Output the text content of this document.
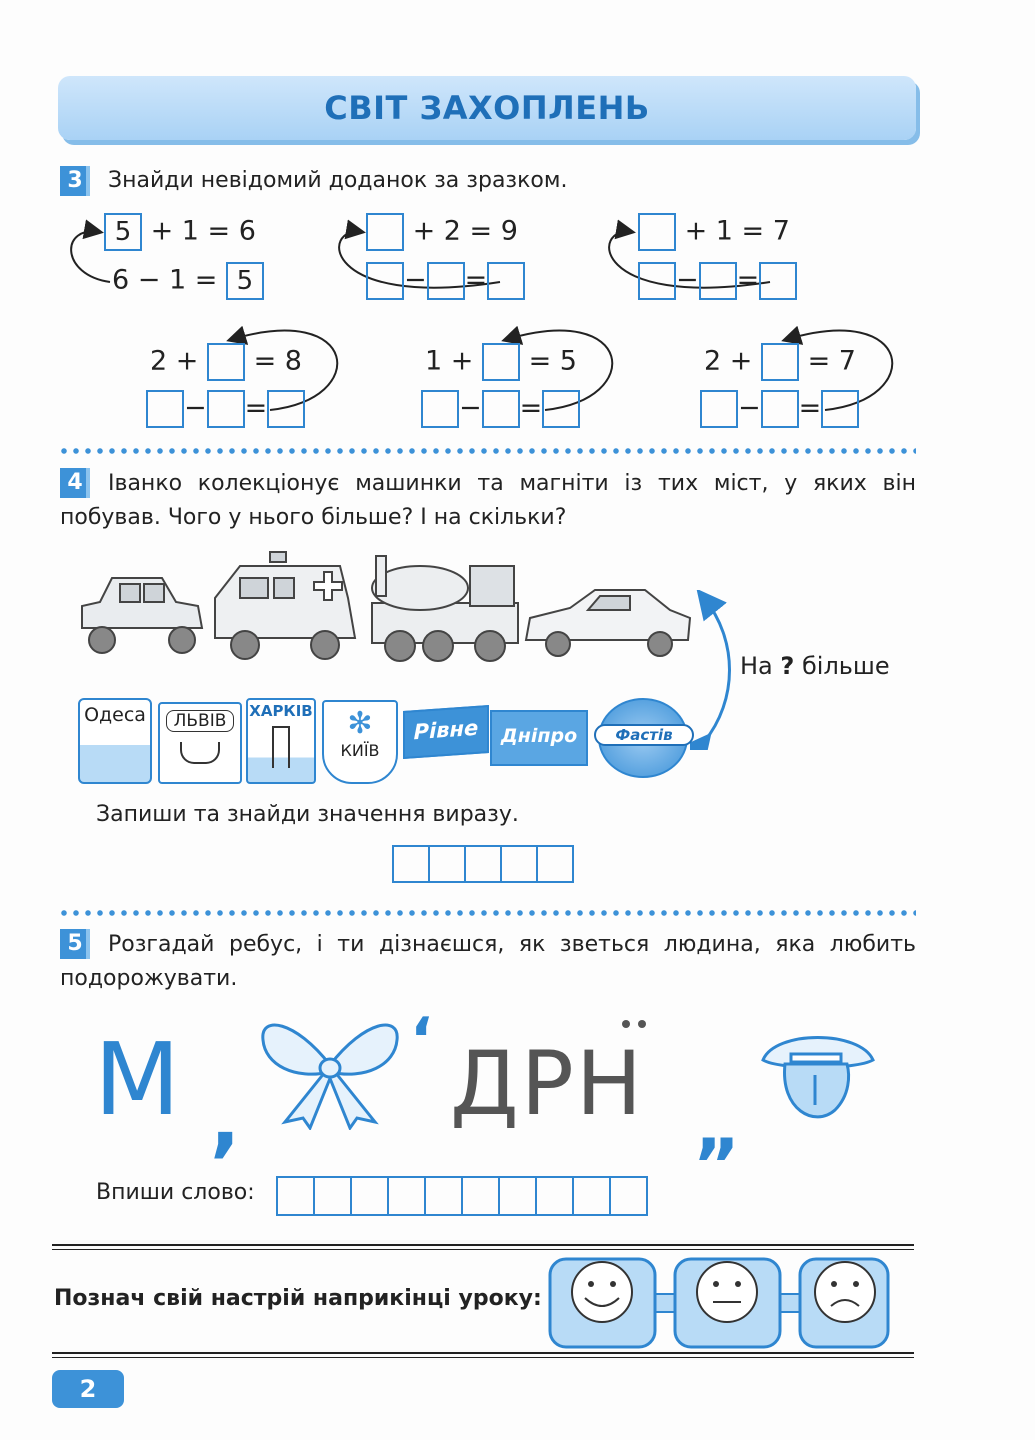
СВІТ ЗАХОПЛЕНЬ
3	Знайди невідомий доданок за зразком.
5 + 1 = 6
6 − 1 = 5
+ 2 = 9
− =
+ 1 = 7
− =
2 + = 8
− =
1 + = 5
− =
2 + = 7
− =
4	Іванко колекціонує машинки та магніти із тих міст, у яких він побував. Чого у нього більше? І на скільки?
На ? більше
Одеса	ЛЬВІВ	ХАРКІВ	✻
КИЇВ
Рівне	Дніпро	Фастів
Запиши та знайди значення виразу.
5	Розгадай ребус, і ти дізнаєшся, як зветься людина, яка любить подорожувати.
М ,
‘ ДРН „
Впиши слово:
Познач свій настрій наприкінці уроку:
2
